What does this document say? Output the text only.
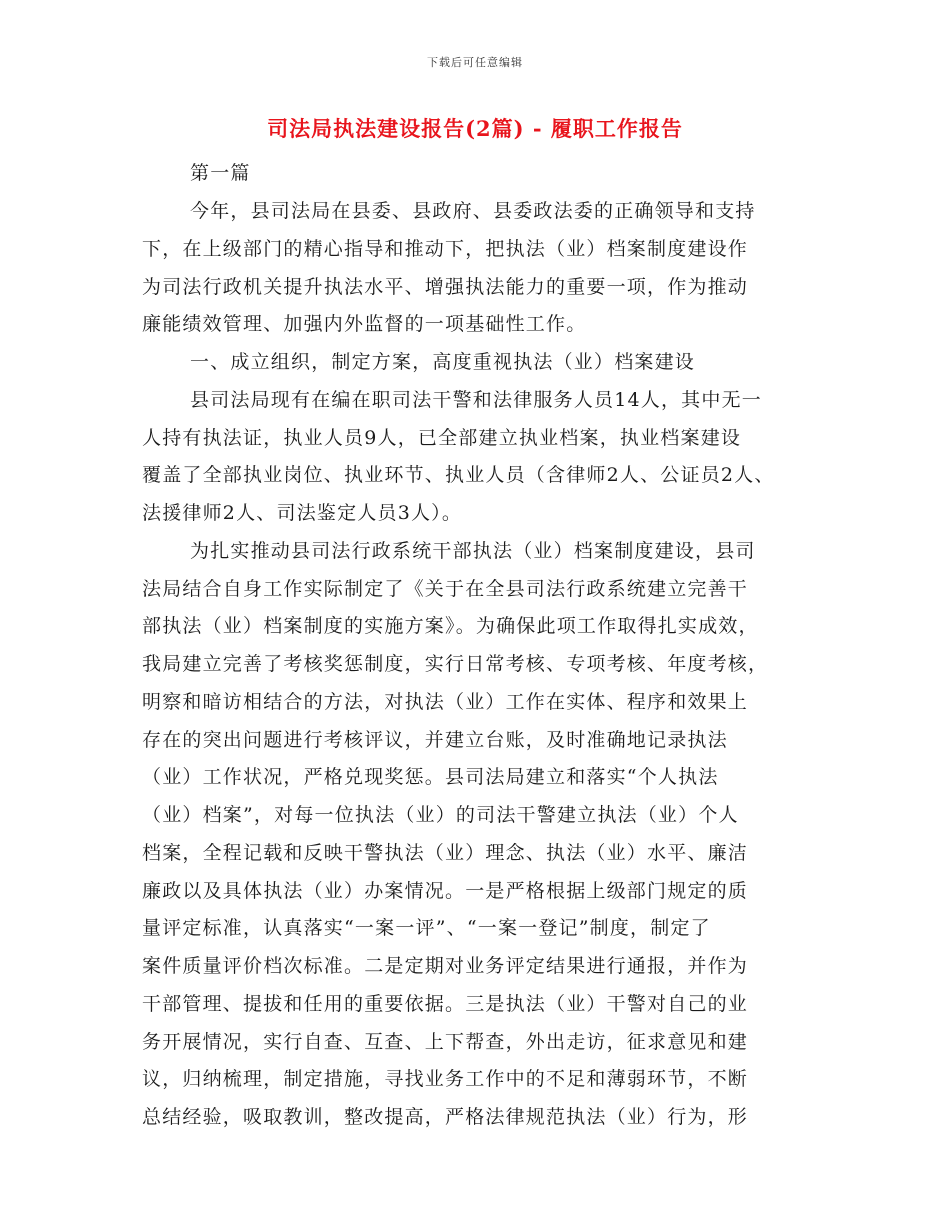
下载后可任意编辑
司法局执法建设报告(2篇) - 履职工作报告
第一篇
今年，县司法局在县委、县政府、县委政法委的正确领导和支持
下，在上级部门的精心指导和推动下，把执法（业）档案制度建设作
为司法行政机关提升执法水平、增强执法能力的重要一项，作为推动
廉能绩效管理、加强内外监督的一项基础性工作。
一、成立组织，制定方案，高度重视执法（业）档案建设
县司法局现有在编在职司法干警和法律服务人员14人，其中无一
人持有执法证，执业人员9人，已全部建立执业档案，执业档案建设
覆盖了全部执业岗位、执业环节、执业人员（含律师2人、公证员2人、
法援律师2人、司法鉴定人员3人）。
为扎实推动县司法行政系统干部执法（业）档案制度建设，县司
法局结合自身工作实际制定了《关于在全县司法行政系统建立完善干
部执法（业）档案制度的实施方案》。为确保此项工作取得扎实成效，
我局建立完善了考核奖惩制度，实行日常考核、专项考核、年度考核，
明察和暗访相结合的方法，对执法（业）工作在实体、程序和效果上
存在的突出问题进行考核评议，并建立台账，及时准确地记录执法
（业）工作状况，严格兑现奖惩。县司法局建立和落实“个人执法
（业）档案”，对每一位执法（业）的司法干警建立执法（业）个人
档案，全程记载和反映干警执法（业）理念、执法（业）水平、廉洁
廉政以及具体执法（业）办案情况。一是严格根据上级部门规定的质
量评定标准，认真落实“一案一评”、“一案一登记”制度，制定了
案件质量评价档次标准。二是定期对业务评定结果进行通报，并作为
干部管理、提拔和任用的重要依据。三是执法（业）干警对自己的业
务开展情况，实行自查、互查、上下帮查，外出走访，征求意见和建
议，归纳梳理，制定措施，寻找业务工作中的不足和薄弱环节，不断
总结经验，吸取教训，整改提高，严格法律规范执法（业）行为，形
